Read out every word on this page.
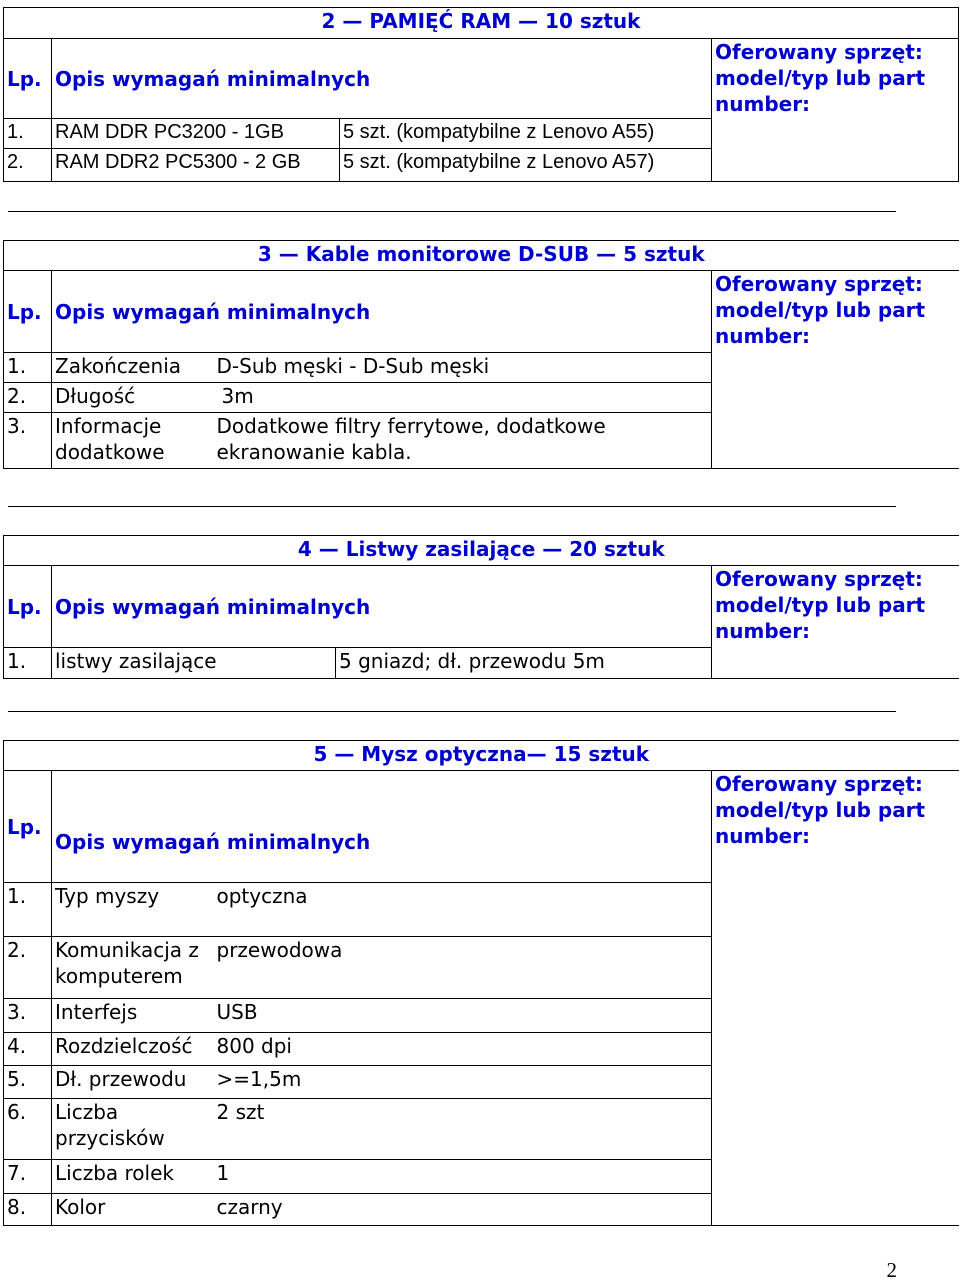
2 — PAMIĘĆ RAM — 10 sztuk			
Lp.	Opis wymagań minimalnych		Oferowany sprzęt:
model/typ lub part
number:
1.	RAM DDR PC3200 - 1GB	5 szt. (kompatybilne z Lenovo A55)	
2.	RAM DDR2 PC5300 - 2 GB	5 szt. (kompatybilne z Lenovo A57)	
3 — Kable monitorowe D-SUB — 5 sztuk			
Lp.	Opis wymagań minimalnych		Oferowany sprzęt:
model/typ lub part
number:
1.	Zakończenia	D-Sub męski - D-Sub męski	
2.	Długość	3m	
3.	Informacje dodatkowe	Dodatkowe filtry ferrytowe, dodatkowe ekranowanie kabla.	
4 — Listwy zasilające — 20 sztuk			
Lp.	Opis wymagań minimalnych		Oferowany sprzęt:
model/typ lub part
number:
1.	listwy zasilające	5 gniazd; dł. przewodu 5m	
5 — Mysz optyczna— 15 sztuk			
Lp.	Opis wymagań minimalnych		Oferowany sprzęt:
model/typ lub part
number:
1.	Typ myszy	optyczna	
2.	Komunikacja z komputerem	przewodowa	
3.	Interfejs	USB	
4.	Rozdzielczość	800 dpi	
5.	Dł. przewodu	>=1,5m	
6.	Liczba przycisków	2 szt	
7.	Liczba rolek	1	
8.	Kolor	czarny	
2
